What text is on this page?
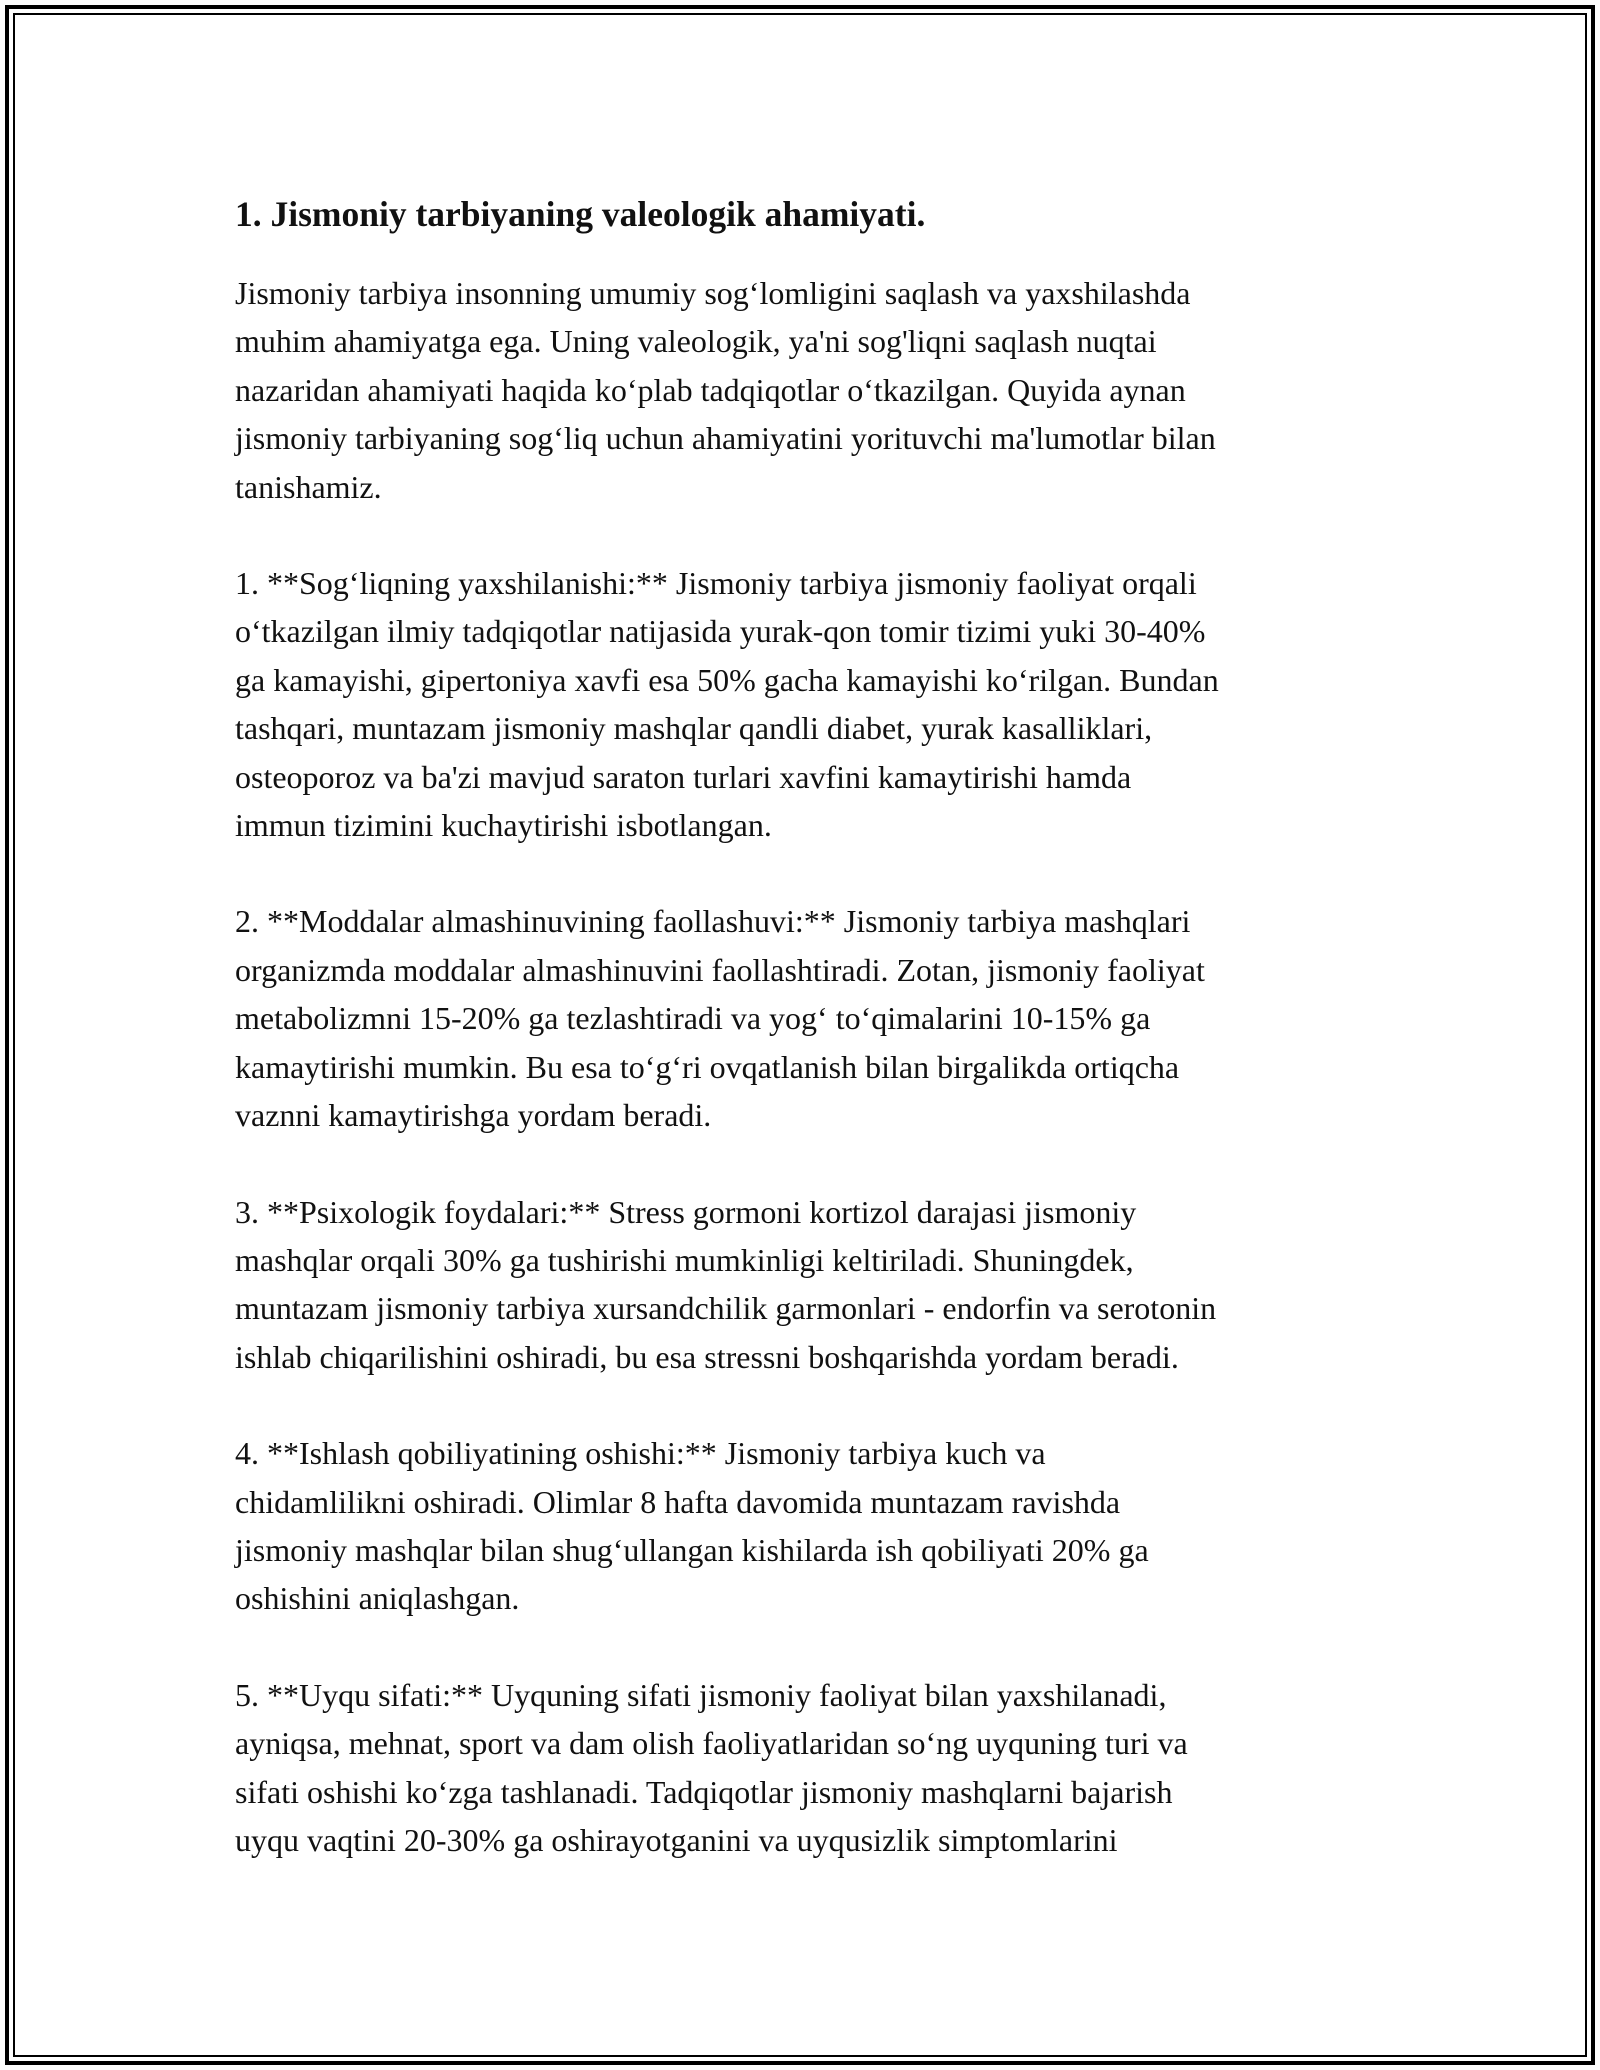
1. Jismoniy tarbiyaning valeologik ahamiyati.

Jismoniy tarbiya insonning umumiy sog‘lomligini saqlash va yaxshilashda
muhim ahamiyatga ega. Uning valeologik, ya'ni sog'liqni saqlash nuqtai
nazaridan ahamiyati haqida ko‘plab tadqiqotlar o‘tkazilgan. Quyida aynan
jismoniy tarbiyaning sog‘liq uchun ahamiyatini yorituvchi ma'lumotlar bilan
tanishamiz.

1. **Sog‘liqning yaxshilanishi:** Jismoniy tarbiya jismoniy faoliyat orqali
o‘tkazilgan ilmiy tadqiqotlar natijasida yurak-qon tomir tizimi yuki 30-40%
ga kamayishi, gipertoniya xavfi esa 50% gacha kamayishi ko‘rilgan. Bundan
tashqari, muntazam jismoniy mashqlar qandli diabet, yurak kasalliklari,
osteoporoz va ba'zi mavjud saraton turlari xavfini kamaytirishi hamda
immun tizimini kuchaytirishi isbotlangan.

2. **Moddalar almashinuvining faollashuvi:** Jismoniy tarbiya mashqlari
organizmda moddalar almashinuvini faollashtiradi. Zotan, jismoniy faoliyat
metabolizmni 15-20% ga tezlashtiradi va yog‘ to‘qimalarini 10-15% ga
kamaytirishi mumkin. Bu esa to‘g‘ri ovqatlanish bilan birgalikda ortiqcha
vaznni kamaytirishga yordam beradi.

3. **Psixologik foydalari:** Stress gormoni kortizol darajasi jismoniy
mashqlar orqali 30% ga tushirishi mumkinligi keltiriladi. Shuningdek,
muntazam jismoniy tarbiya xursandchilik garmonlari - endorfin va serotonin
ishlab chiqarilishini oshiradi, bu esa stressni boshqarishda yordam beradi.

4. **Ishlash qobiliyatining oshishi:** Jismoniy tarbiya kuch va
chidamlilikni oshiradi. Olimlar 8 hafta davomida muntazam ravishda
jismoniy mashqlar bilan shug‘ullangan kishilarda ish qobiliyati 20% ga
oshishini aniqlashgan.

5. **Uyqu sifati:** Uyquning sifati jismoniy faoliyat bilan yaxshilanadi,
ayniqsa, mehnat, sport va dam olish faoliyatlaridan so‘ng uyquning turi va
sifati oshishi ko‘zga tashlanadi. Tadqiqotlar jismoniy mashqlarni bajarish
uyqu vaqtini 20-30% ga oshirayotganini va uyqusizlik simptomlarini
